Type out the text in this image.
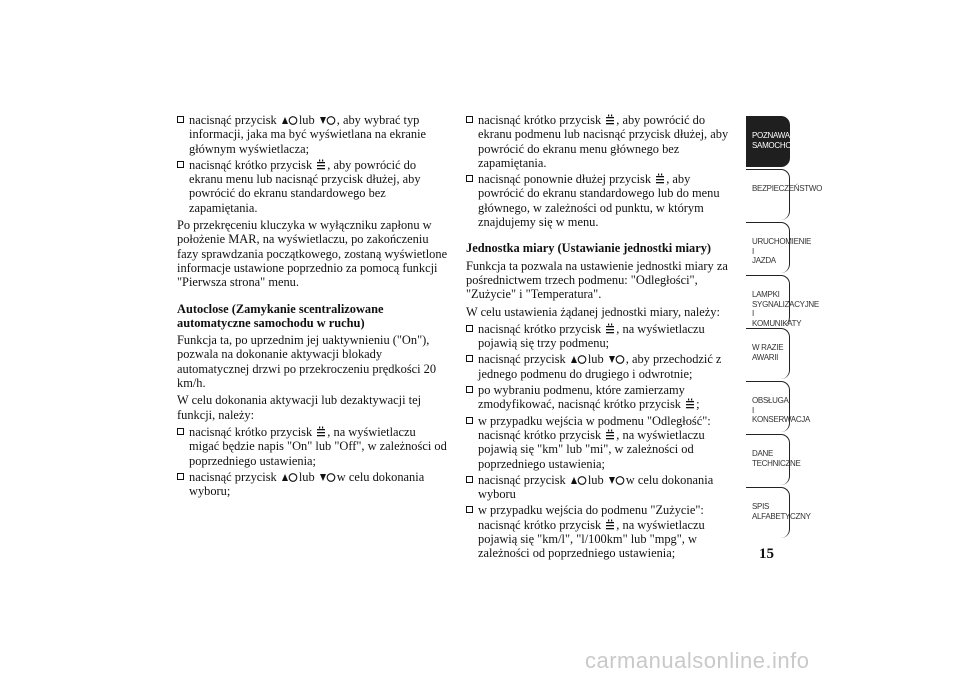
nacisnąć przycisk lub , aby wybrać typ informacji, jaka ma być wyświetlana na ekranie głównym wyświetlacza;
nacisnąć krótko przycisk , aby powrócić do ekranu menu lub nacisnąć przycisk dłużej, aby powrócić do ekranu standardowego bez zapamiętania.

Po przekręceniu kluczyka w wyłączniku zapłonu w położenie MAR, na wyświetlaczu, po zakończeniu fazy sprawdzania początkowego, zostaną wyświetlone informacje ustawione poprzednio za pomocą funkcji "Pierwsza strona" menu.

Autoclose (Zamykanie scentralizowane automatyczne samochodu w ruchu)

Funkcja ta, po uprzednim jej uaktywnieniu ("On"), pozwala na dokonanie aktywacji blokady automatycznej drzwi po przekroczeniu prędkości 20 km/h.

W celu dokonania aktywacji lub dezaktywacji tej funkcji, należy:

nacisnąć krótko przycisk , na wyświetlaczu migać będzie napis "On" lub "Off", w zależności od poprzedniego ustawienia;
nacisnąć przycisk lub w celu dokonania wyboru;
nacisnąć krótko przycisk , aby powrócić do ekranu podmenu lub nacisnąć przycisk dłużej, aby powrócić do ekranu menu głównego bez zapamiętania.
nacisnąć ponownie dłużej przycisk , aby powrócić do ekranu standardowego lub do menu głównego, w zależności od punktu, w którym znajdujemy się w menu.

Jednostka miary (Ustawianie jednostki miary)

Funkcja ta pozwala na ustawienie jednostki miary za pośrednictwem trzech podmenu: "Odległości", "Zużycie" i "Temperatura".

W celu ustawienia żądanej jednostki miary, należy:

nacisnąć krótko przycisk , na wyświetlaczu pojawią się trzy podmenu;
nacisnąć przycisk lub , aby przechodzić z jednego podmenu do drugiego i odwrotnie;
po wybraniu podmenu, które zamierzamy zmodyfikować, nacisnąć krótko przycisk ;
w przypadku wejścia w podmenu "Odległość": nacisnąć krótko przycisk , na wyświetlaczu pojawią się "km" lub "mi", w zależności od poprzedniego ustawienia;
nacisnąć przycisk lub w celu dokonania wyboru
w przypadku wejścia do podmenu "Zużycie": nacisnąć krótko przycisk , na wyświetlaczu pojawią się "km/l", "l/100km" lub "mpg", w zależności od poprzedniego ustawienia;
POZNAWANIE
SAMOCHODU
BEZPIECZEŃSTWO
URUCHOMIENIE I
JAZDA
LAMPKI
SYGNALIZACYJNE
I KOMUNIKATY
W RAZIE AWARII
OBSŁUGA I
KONSERWACJA
DANE
TECHNICZNE
SPIS
ALFABETYCZNY
15
carmanualsonline.info
